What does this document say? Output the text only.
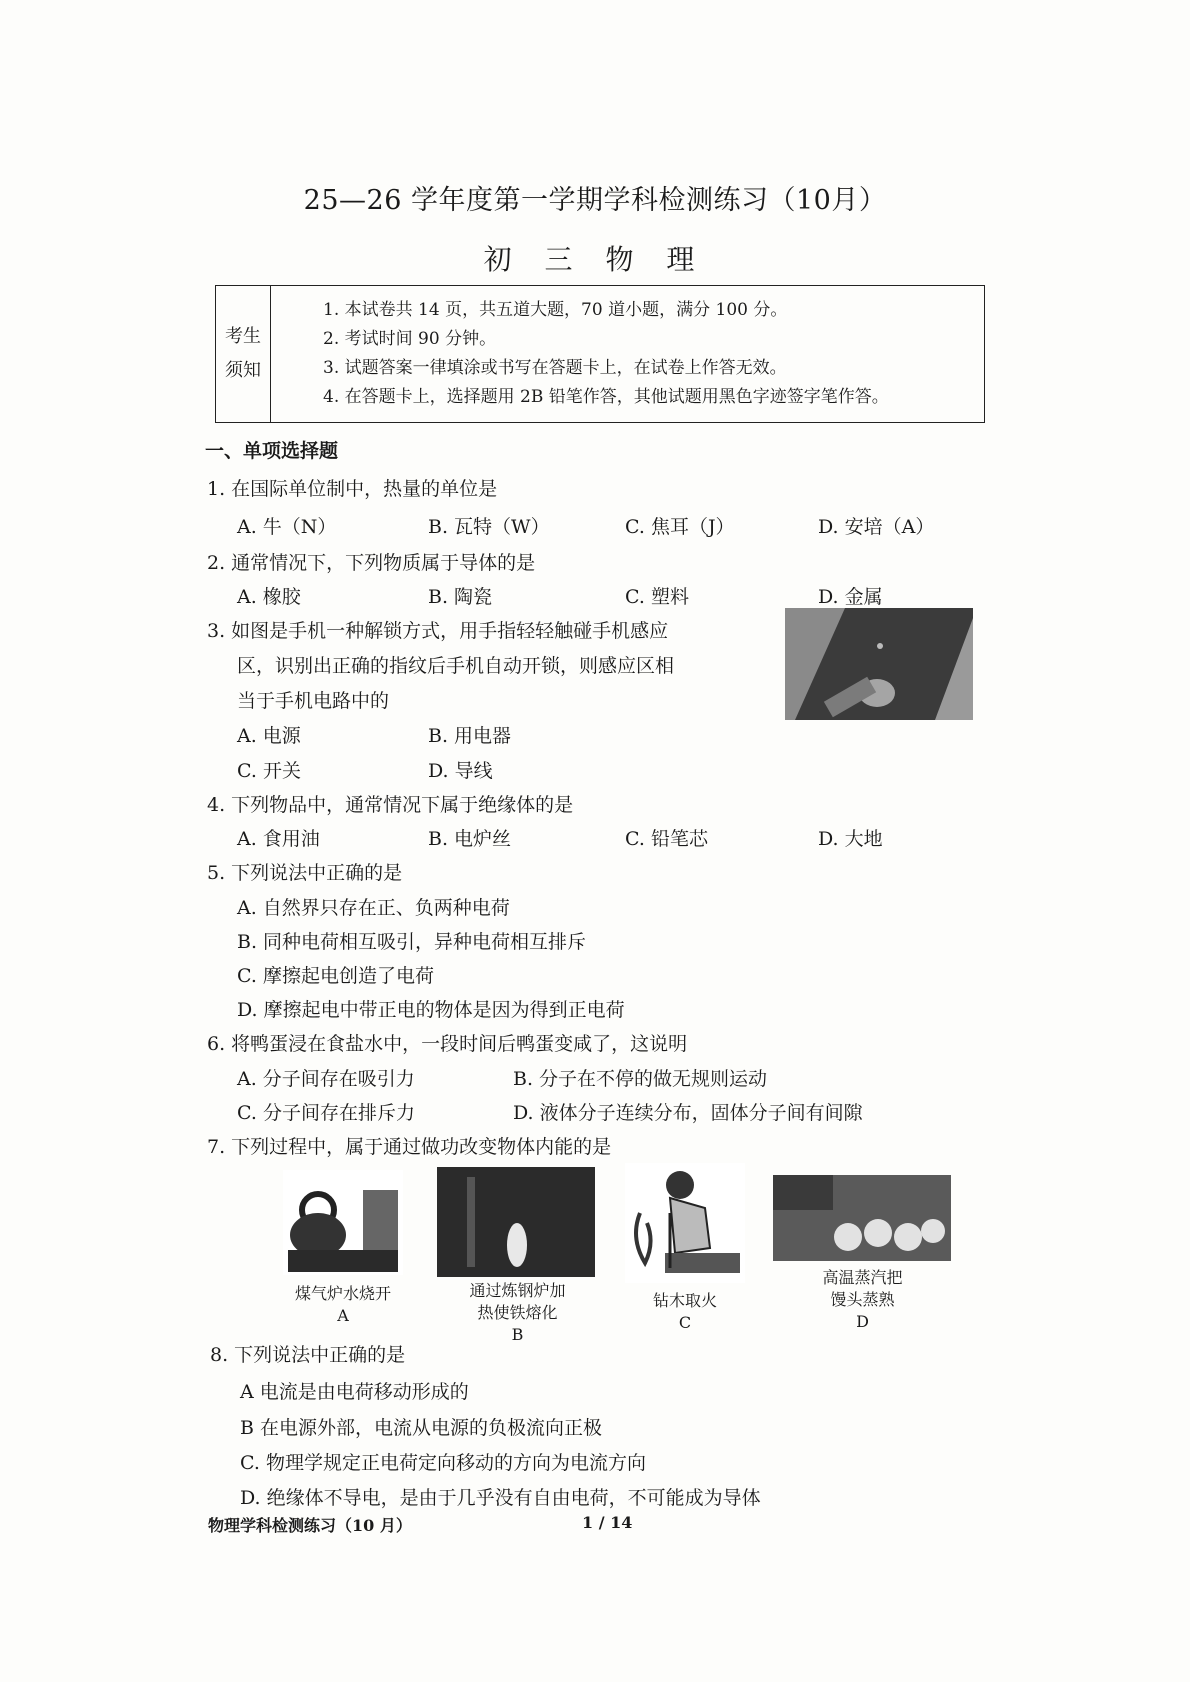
25—26 学年度第一学期学科检测练习（10月）
初 三 物 理
考生
须知
1. 本试卷共 14 页，共五道大题，70 道小题，满分 100 分。
2. 考试时间 90 分钟。
3. 试题答案一律填涂或书写在答题卡上，在试卷上作答无效。
4. 在答题卡上，选择题用 2B 铅笔作答，其他试题用黑色字迹签字笔作答。
一、单项选择题
1. 在国际单位制中，热量的单位是
A. 牛（N）	B. 瓦特（W）	C. 焦耳（J）	D. 安培（A）
2. 通常情况下，下列物质属于导体的是
A. 橡胶	B. 陶瓷	C. 塑料	D. 金属
3. 如图是手机一种解锁方式，用手指轻轻触碰手机感应
区，识别出正确的指纹后手机自动开锁，则感应区相
当于手机电路中的
A. 电源	B. 用电器
C. 开关	D. 导线
4. 下列物品中，通常情况下属于绝缘体的是
A. 食用油	B. 电炉丝	C. 铅笔芯	D. 大地
5. 下列说法中正确的是
A. 自然界只存在正、负两种电荷
B. 同种电荷相互吸引，异种电荷相互排斥
C. 摩擦起电创造了电荷
D. 摩擦起电中带正电的物体是因为得到正电荷
6. 将鸭蛋浸在食盐水中，一段时间后鸭蛋变咸了，这说明
A. 分子间存在吸引力	B. 分子在不停的做无规则运动
C. 分子间存在排斥力	D. 液体分子连续分布，固体分子间有间隙
7. 下列过程中，属于通过做功改变物体内能的是
煤气炉水烧开
A
通过炼钢炉加
热使铁熔化
B
钻木取火
C
高温蒸汽把
馒头蒸熟
D
8. 下列说法中正确的是
A 电流是由电荷移动形成的
B 在电源外部，电流从电源的负极流向正极
C. 物理学规定正电荷定向移动的方向为电流方向
D. 绝缘体不导电，是由于几乎没有自由电荷，不可能成为导体
物理学科检测练习（10 月）	1 / 14
